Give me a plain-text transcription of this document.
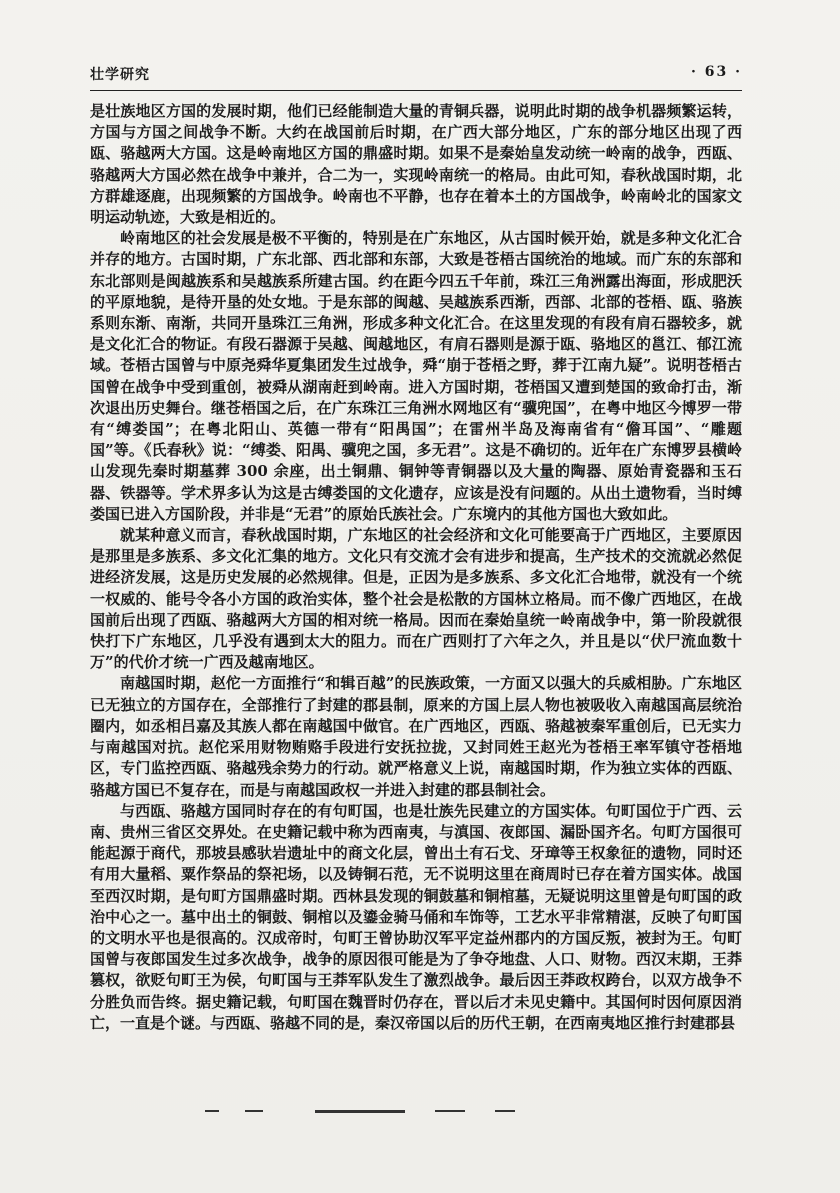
壮学研究	· 63 ·

是壮族地区方国的发展时期，他们已经能制造大量的青铜兵器，说明此时期的战争机器频繁运转，方国与方国之间战争不断。大约在战国前后时期，在广西大部分地区，广东的部分地区出现了西瓯、骆越两大方国。这是岭南地区方国的鼎盛时期。如果不是秦始皇发动统一岭南的战争，西瓯、骆越两大方国必然在战争中兼并，合二为一，实现岭南统一的格局。由此可知，春秋战国时期，北方群雄逐鹿，出现频繁的方国战争。岭南也不平静，也存在着本土的方国战争，岭南岭北的国家文明运动轨迹，大致是相近的。

岭南地区的社会发展是极不平衡的，特别是在广东地区，从古国时候开始，就是多种文化汇合并存的地方。古国时期，广东北部、西北部和东部，大致是苍梧古国统治的地域。而广东的东部和东北部则是闽越族系和吴越族系所建古国。约在距今四五千年前，珠江三角洲露出海面，形成肥沃的平原地貌，是待开垦的处女地。于是东部的闽越、吴越族系西渐，西部、北部的苍梧、瓯、骆族系则东渐、南渐，共同开垦珠江三角洲，形成多种文化汇合。在这里发现的有段有肩石器较多，就是文化汇合的物证。有段石器源于吴越、闽越地区，有肩石器则是源于瓯、骆地区的邕江、郁江流域。苍梧古国曾与中原尧舜华夏集团发生过战争，舜“崩于苍梧之野，葬于江南九疑”。说明苍梧古国曾在战争中受到重创，被舜从湖南赶到岭南。进入方国时期，苍梧国又遭到楚国的致命打击，渐次退出历史舞台。继苍梧国之后，在广东珠江三角洲水网地区有“骥兜国”，在粤中地区今博罗一带有“缚娄国”；在粤北阳山、英德一带有“阳禺国”；在雷州半岛及海南省有“儋耳国”、“雕题国”等。《氏春秋》说：“缚娄、阳禺、骥兜之国，多无君”。这是不确切的。近年在广东博罗县横岭山发现先秦时期墓葬 300 余座，出土铜鼎、铜钟等青铜器以及大量的陶器、原始青瓷器和玉石器、铁器等。学术界多认为这是古缚娄国的文化遗存，应该是没有问题的。从出土遗物看，当时缚娄国已进入方国阶段，并非是“无君”的原始氏族社会。广东境内的其他方国也大致如此。

就某种意义而言，春秋战国时期，广东地区的社会经济和文化可能要高于广西地区，主要原因是那里是多族系、多文化汇集的地方。文化只有交流才会有进步和提高，生产技术的交流就必然促进经济发展，这是历史发展的必然规律。但是，正因为是多族系、多文化汇合地带，就没有一个统一权威的、能号令各小方国的政治实体，整个社会是松散的方国林立格局。而不像广西地区，在战国前后出现了西瓯、骆越两大方国的相对统一格局。因而在秦始皇统一岭南战争中，第一阶段就很快打下广东地区，几乎没有遇到太大的阻力。而在广西则打了六年之久，并且是以“伏尸流血数十万”的代价才统一广西及越南地区。

南越国时期，赵佗一方面推行“和辑百越”的民族政策，一方面又以强大的兵威相胁。广东地区已无独立的方国存在，全部推行了封建的郡县制，原来的方国上层人物也被吸收入南越国高层统治圈内，如丞相吕嘉及其族人都在南越国中做官。在广西地区，西瓯、骆越被秦军重创后，已无实力与南越国对抗。赵佗采用财物贿赂手段进行安抚拉拢，又封同姓王赵光为苍梧王率军镇守苍梧地区，专门监控西瓯、骆越残余势力的行动。就严格意义上说，南越国时期，作为独立实体的西瓯、骆越方国已不复存在，而是与南越国政权一并进入封建的郡县制社会。

与西瓯、骆越方国同时存在的有句町国，也是壮族先民建立的方国实体。句町国位于广西、云南、贵州三省区交界处。在史籍记载中称为西南夷，与滇国、夜郎国、漏卧国齐名。句町方国很可能起源于商代，那坡县感驮岩遗址中的商文化层，曾出土有石戈、牙璋等王权象征的遗物，同时还有用大量稻、粟作祭品的祭祀场，以及铸铜石范，无不说明这里在商周时已存在着方国实体。战国至西汉时期，是句町方国鼎盛时期。西林县发现的铜鼓墓和铜棺墓，无疑说明这里曾是句町国的政治中心之一。墓中出土的铜鼓、铜棺以及鎏金骑马俑和车饰等，工艺水平非常精湛，反映了句町国的文明水平也是很高的。汉成帝时，句町王曾协助汉军平定益州郡内的方国反叛，被封为王。句町国曾与夜郎国发生过多次战争，战争的原因很可能是为了争夺地盘、人口、财物。西汉末期，王莽篡权，欲贬句町王为侯，句町国与王莽军队发生了激烈战争。最后因王莽政权跨台，以双方战争不分胜负而告终。据史籍记载，句町国在魏晋时仍存在，晋以后才未见史籍中。其国何时因何原因消亡，一直是个谜。与西瓯、骆越不同的是，秦汉帝国以后的历代王朝，在西南夷地区推行封建郡县
